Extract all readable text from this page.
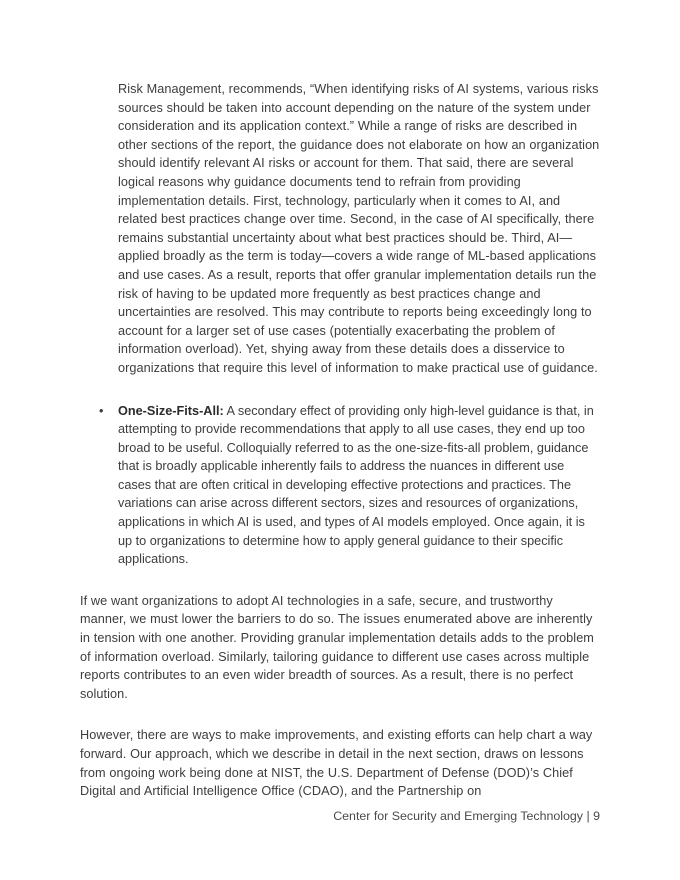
Risk Management, recommends, “When identifying risks of AI systems, various risks sources should be taken into account depending on the nature of the system under consideration and its application context.” While a range of risks are described in other sections of the report, the guidance does not elaborate on how an organization should identify relevant AI risks or account for them. That said, there are several logical reasons why guidance documents tend to refrain from providing implementation details. First, technology, particularly when it comes to AI, and related best practices change over time. Second, in the case of AI specifically, there remains substantial uncertainty about what best practices should be. Third, AI—applied broadly as the term is today—covers a wide range of ML-based applications and use cases. As a result, reports that offer granular implementation details run the risk of having to be updated more frequently as best practices change and uncertainties are resolved. This may contribute to reports being exceedingly long to account for a larger set of use cases (potentially exacerbating the problem of information overload). Yet, shying away from these details does a disservice to organizations that require this level of information to make practical use of guidance.

•	One-Size-Fits-All: A secondary effect of providing only high-level guidance is that, in attempting to provide recommendations that apply to all use cases, they end up too broad to be useful. Colloquially referred to as the one-size-fits-all problem, guidance that is broadly applicable inherently fails to address the nuances in different use cases that are often critical in developing effective protections and practices. The variations can arise across different sectors, sizes and resources of organizations, applications in which AI is used, and types of AI models employed. Once again, it is up to organizations to determine how to apply general guidance to their specific applications.

If we want organizations to adopt AI technologies in a safe, secure, and trustworthy manner, we must lower the barriers to do so. The issues enumerated above are inherently in tension with one another. Providing granular implementation details adds to the problem of information overload. Similarly, tailoring guidance to different use cases across multiple reports contributes to an even wider breadth of sources. As a result, there is no perfect solution.

However, there are ways to make improvements, and existing efforts can help chart a way forward. Our approach, which we describe in detail in the next section, draws on lessons from ongoing work being done at NIST, the U.S. Department of Defense (DOD)’s Chief Digital and Artificial Intelligence Office (CDAO), and the Partnership on

Center for Security and Emerging Technology | 9
